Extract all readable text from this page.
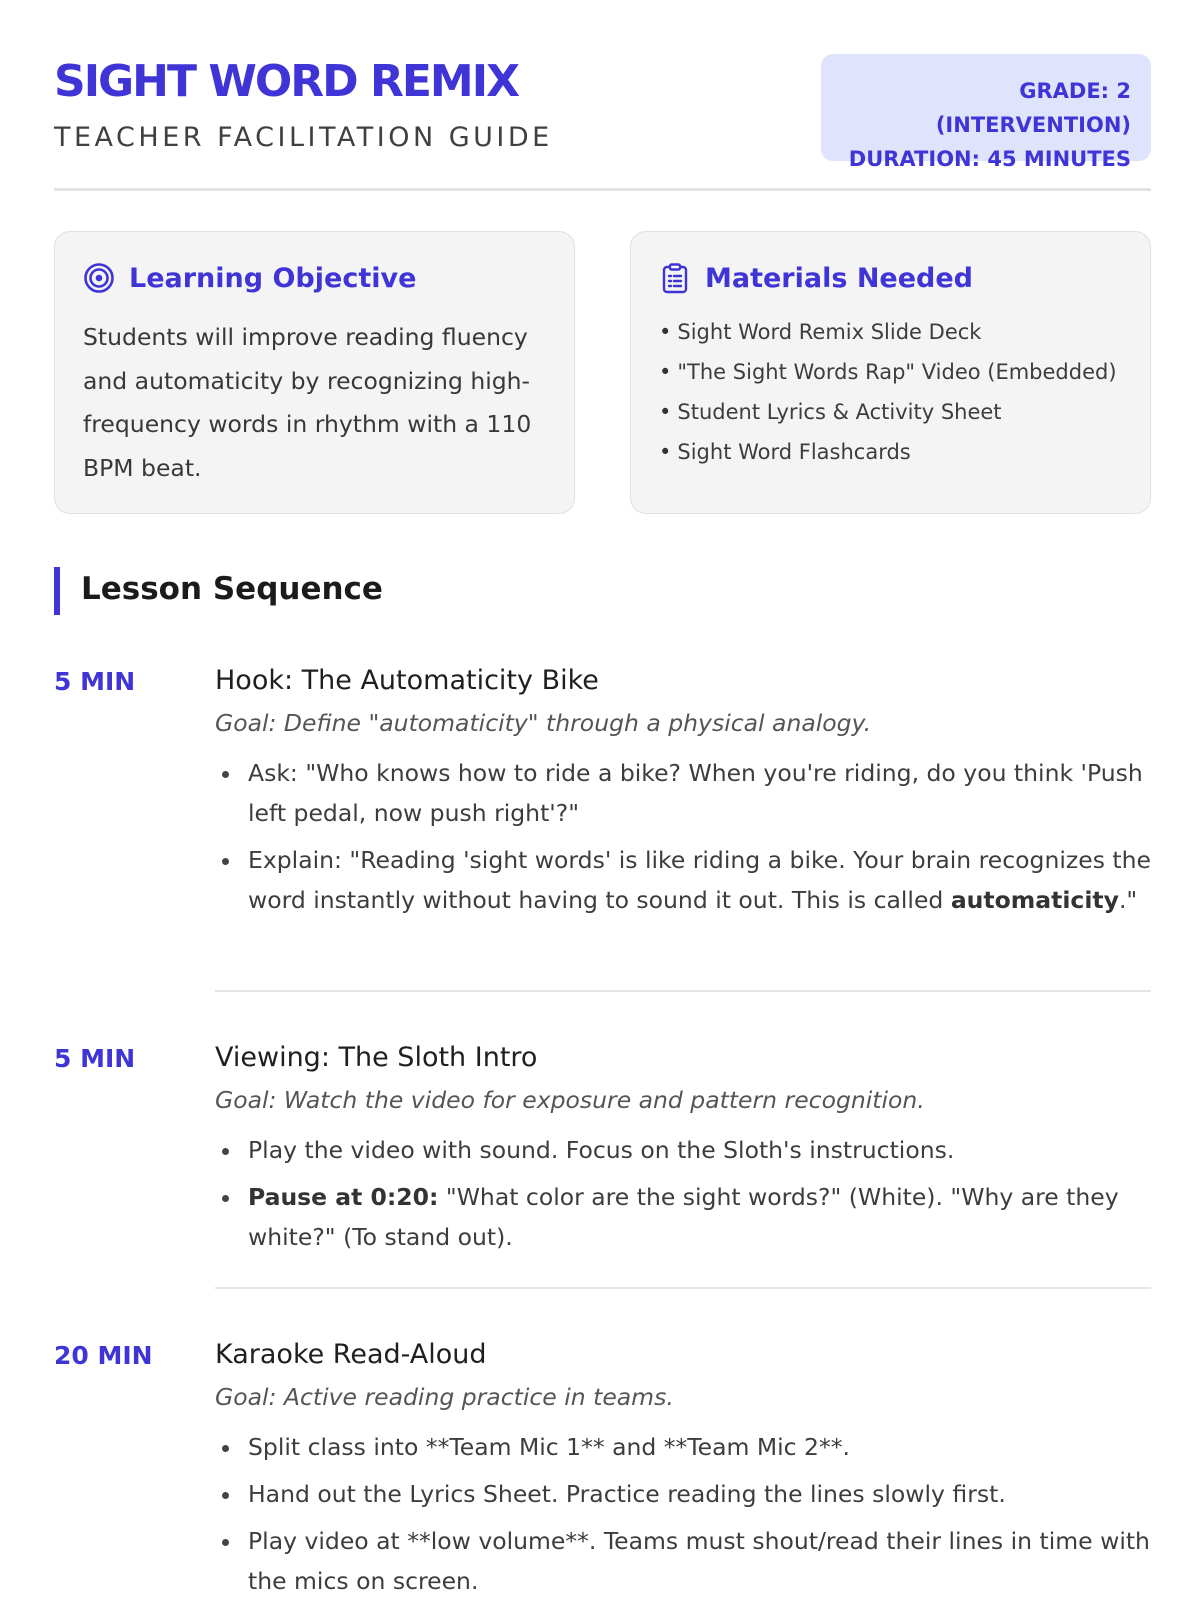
SIGHT WORD REMIX
TEACHER FACILITATION GUIDE
GRADE: 2 (INTERVENTION)
DURATION: 45 MINUTES
Learning Objective
Students will improve reading fluency and automaticity by recognizing high-frequency words in rhythm with a 110 BPM beat.
Materials Needed
• Sight Word Remix Slide Deck
• "The Sight Words Rap" Video (Embedded)
• Student Lyrics & Activity Sheet
• Sight Word Flashcards
Lesson Sequence
5 MIN	Hook: The Automaticity Bike
Goal: Define "automaticity" through a physical analogy.
Ask: "Who knows how to ride a bike? When you're riding, do you think 'Push left pedal, now push right'?"
Explain: "Reading 'sight words' is like riding a bike. Your brain recognizes the word instantly without having to sound it out. This is called automaticity."
5 MIN	Viewing: The Sloth Intro
Goal: Watch the video for exposure and pattern recognition.
Play the video with sound. Focus on the Sloth's instructions.
Pause at 0:20: "What color are the sight words?" (White). "Why are they white?" (To stand out).
20 MIN Karaoke Read-Aloud
Goal: Active reading practice in teams.
Split class into **Team Mic 1** and **Team Mic 2**.
Hand out the Lyrics Sheet. Practice reading the lines slowly first.
Play video at **low volume**. Teams must shout/read their lines in time with the mics on screen.
